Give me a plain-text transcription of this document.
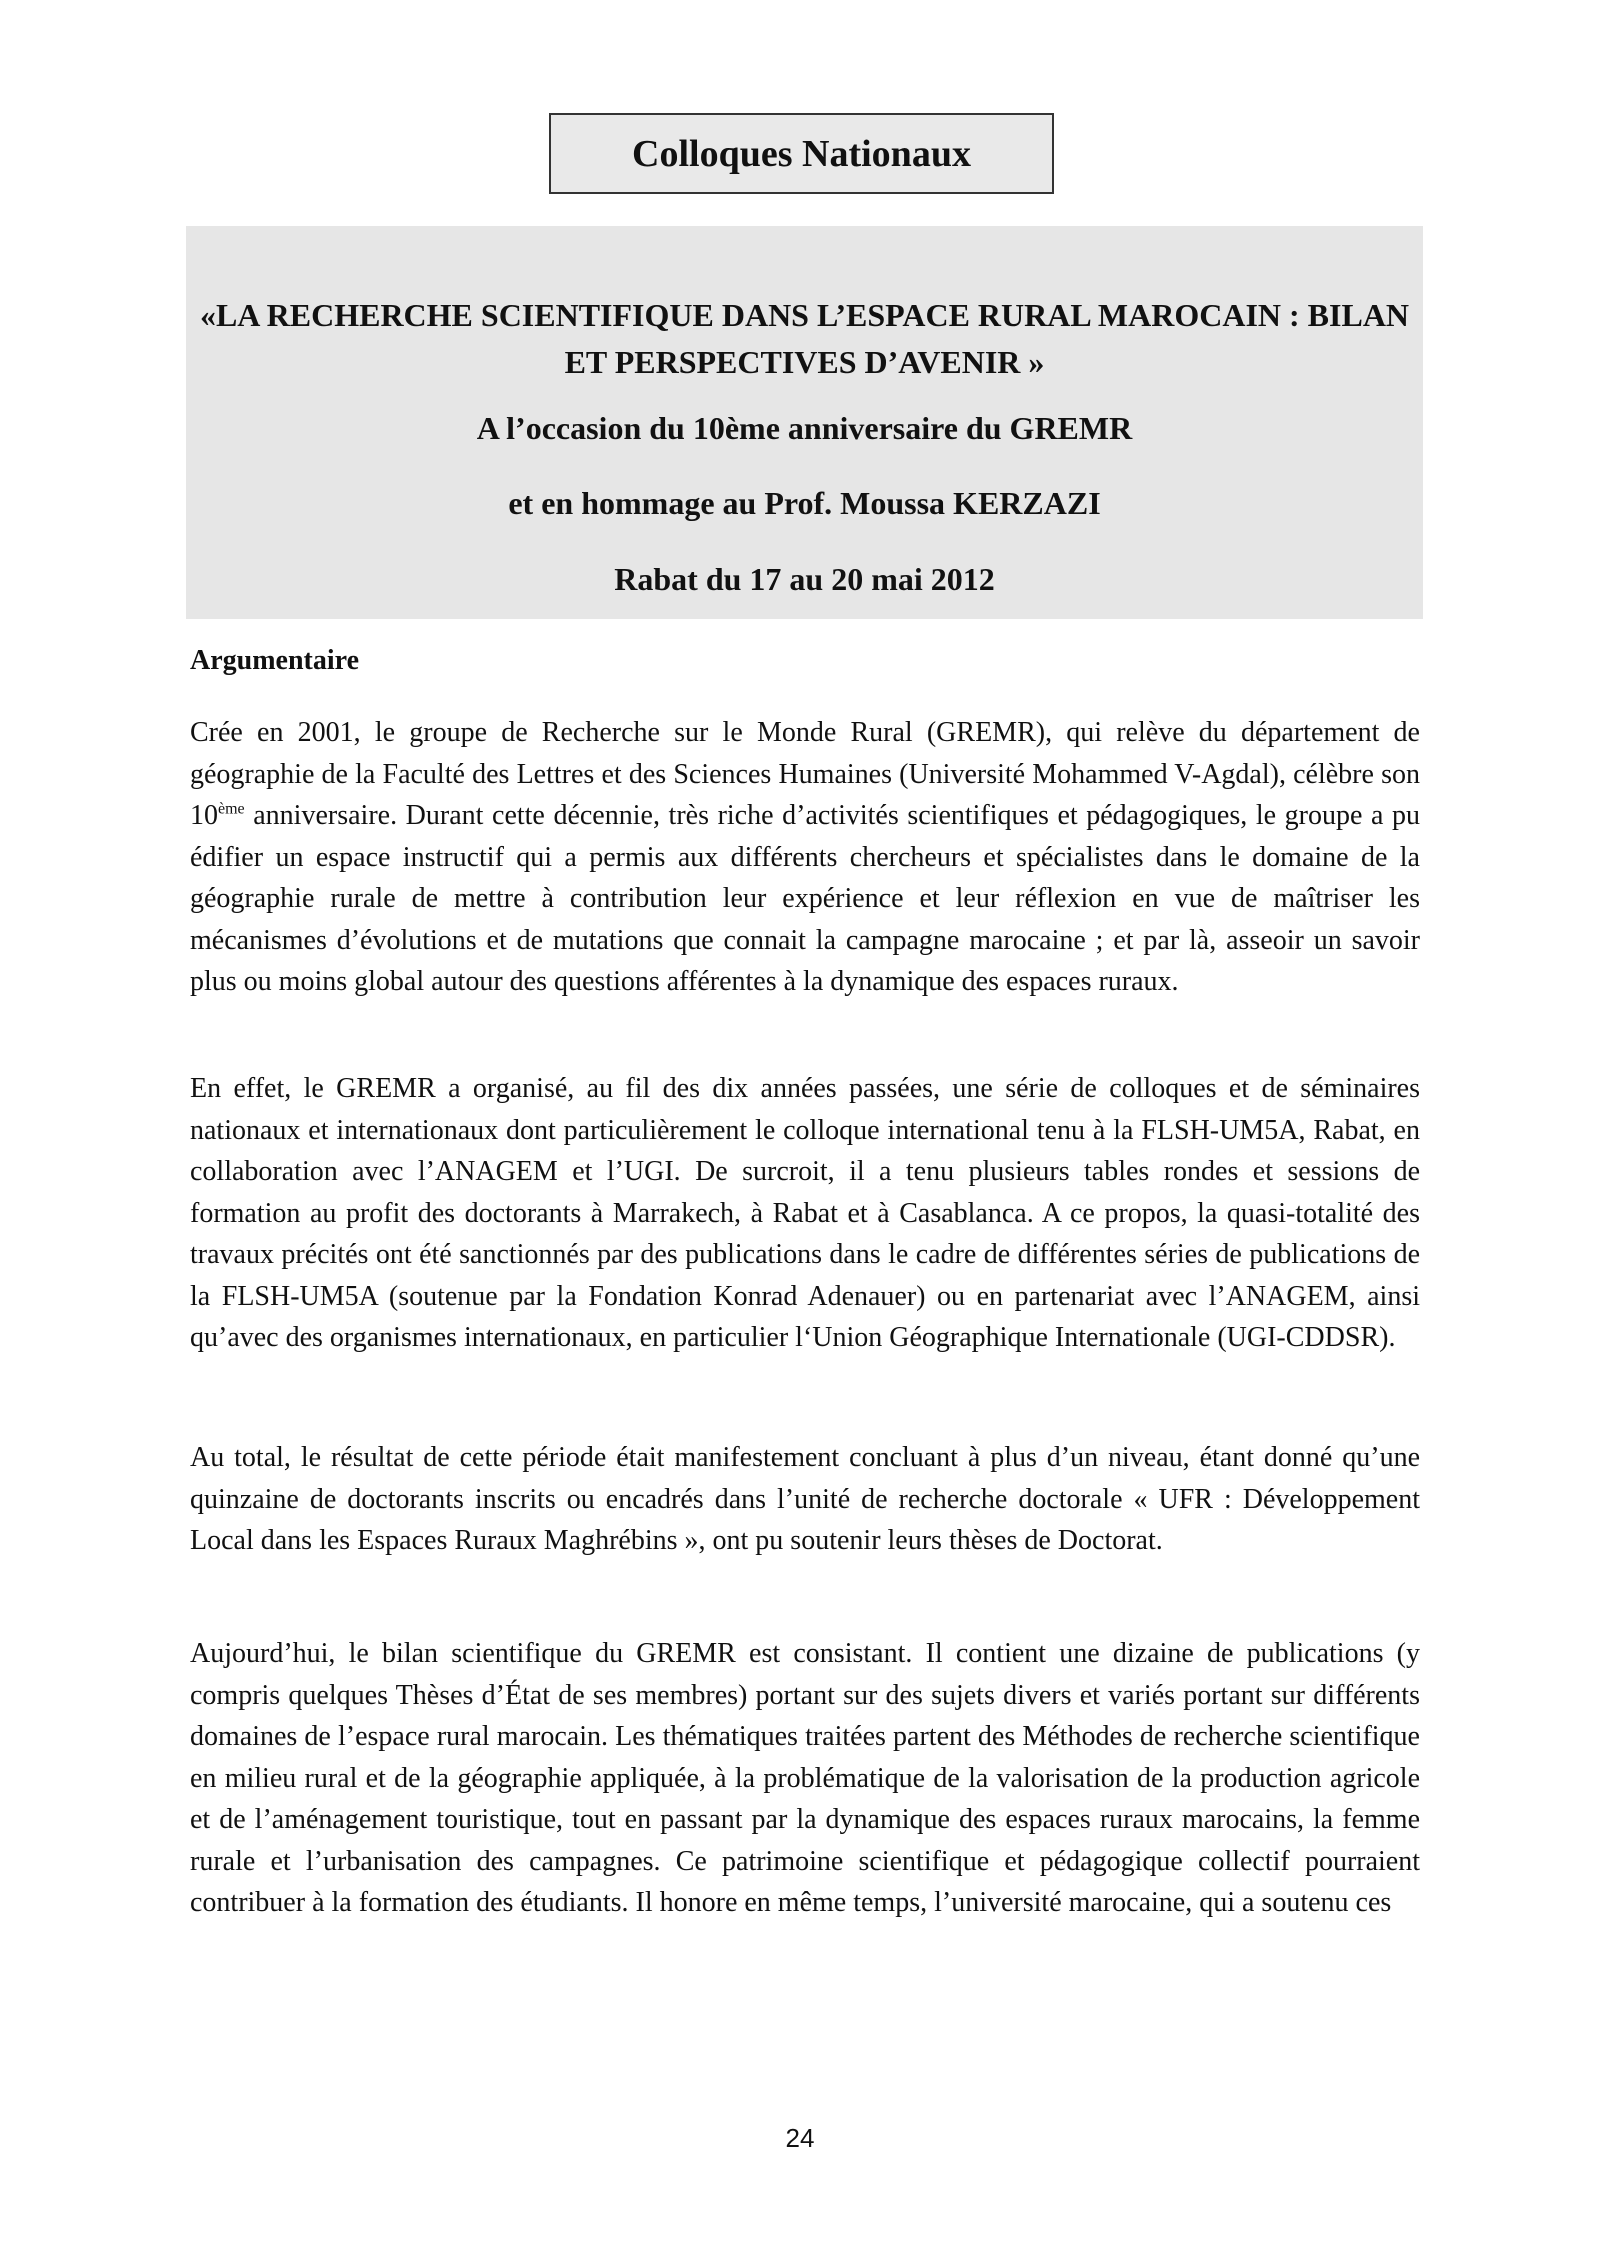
Colloques Nationaux
«LA RECHERCHE SCIENTIFIQUE DANS L’ESPACE RURAL MAROCAIN : BILAN ET PERSPECTIVES D’AVENIR »
A l’occasion du 10ème anniversaire du GREMR
et en hommage au Prof. Moussa KERZAZI
Rabat du 17 au 20 mai 2012
Argumentaire

Crée en 2001, le groupe de Recherche sur le Monde Rural (GREMR), qui relève du département de géographie de la Faculté des Lettres et des Sciences Humaines (Université Mohammed V-Agdal), célèbre son 10ème anniversaire. Durant cette décennie, très riche d’activités scientifiques et pédagogiques, le groupe a pu édifier un espace instructif qui a permis aux différents chercheurs et spécialistes dans le domaine de la géographie rurale de mettre à contribution leur expérience et leur réflexion en vue de maîtriser les mécanismes d’évolutions et de mutations que connait la campagne marocaine ; et par là, asseoir un savoir plus ou moins global autour des questions afférentes à la dynamique des espaces ruraux.

En effet, le GREMR a organisé, au fil des dix années passées, une série de colloques et de séminaires nationaux et internationaux dont particulièrement le colloque international tenu à la FLSH-UM5A, Rabat, en collaboration avec l’ANAGEM et l’UGI. De surcroit, il a tenu plusieurs tables rondes et sessions de formation au profit des doctorants à Marrakech, à Rabat et à Casablanca. A ce propos, la quasi-totalité des travaux précités ont été sanctionnés par des publications dans le cadre de différentes séries de publications de la FLSH-UM5A (soutenue par la Fondation Konrad Adenauer) ou en partenariat avec l’ANAGEM, ainsi qu’avec des organismes internationaux, en particulier l‘Union Géographique Internationale (UGI-CDDSR).

Au total, le résultat de cette période était manifestement concluant à plus d’un niveau, étant donné qu’une quinzaine de doctorants inscrits ou encadrés dans l’unité de recherche doctorale « UFR : Développement Local dans les Espaces Ruraux Maghrébins », ont pu soutenir leurs thèses de Doctorat.

Aujourd’hui, le bilan scientifique du GREMR est consistant. Il contient une dizaine de publications (y compris quelques Thèses d’État de ses membres) portant sur des sujets divers et variés portant sur différents domaines de l’espace rural marocain. Les thématiques traitées partent des Méthodes de recherche scientifique en milieu rural et de la géographie appliquée, à la problématique de la valorisation de la production agricole et de l’aménagement touristique, tout en passant par la dynamique des espaces ruraux marocains, la femme rurale et l’urbanisation des campagnes. Ce patrimoine scientifique et pédagogique collectif pourraient contribuer à la formation des étudiants. Il honore en même temps, l’université marocaine, qui a soutenu ces

24
